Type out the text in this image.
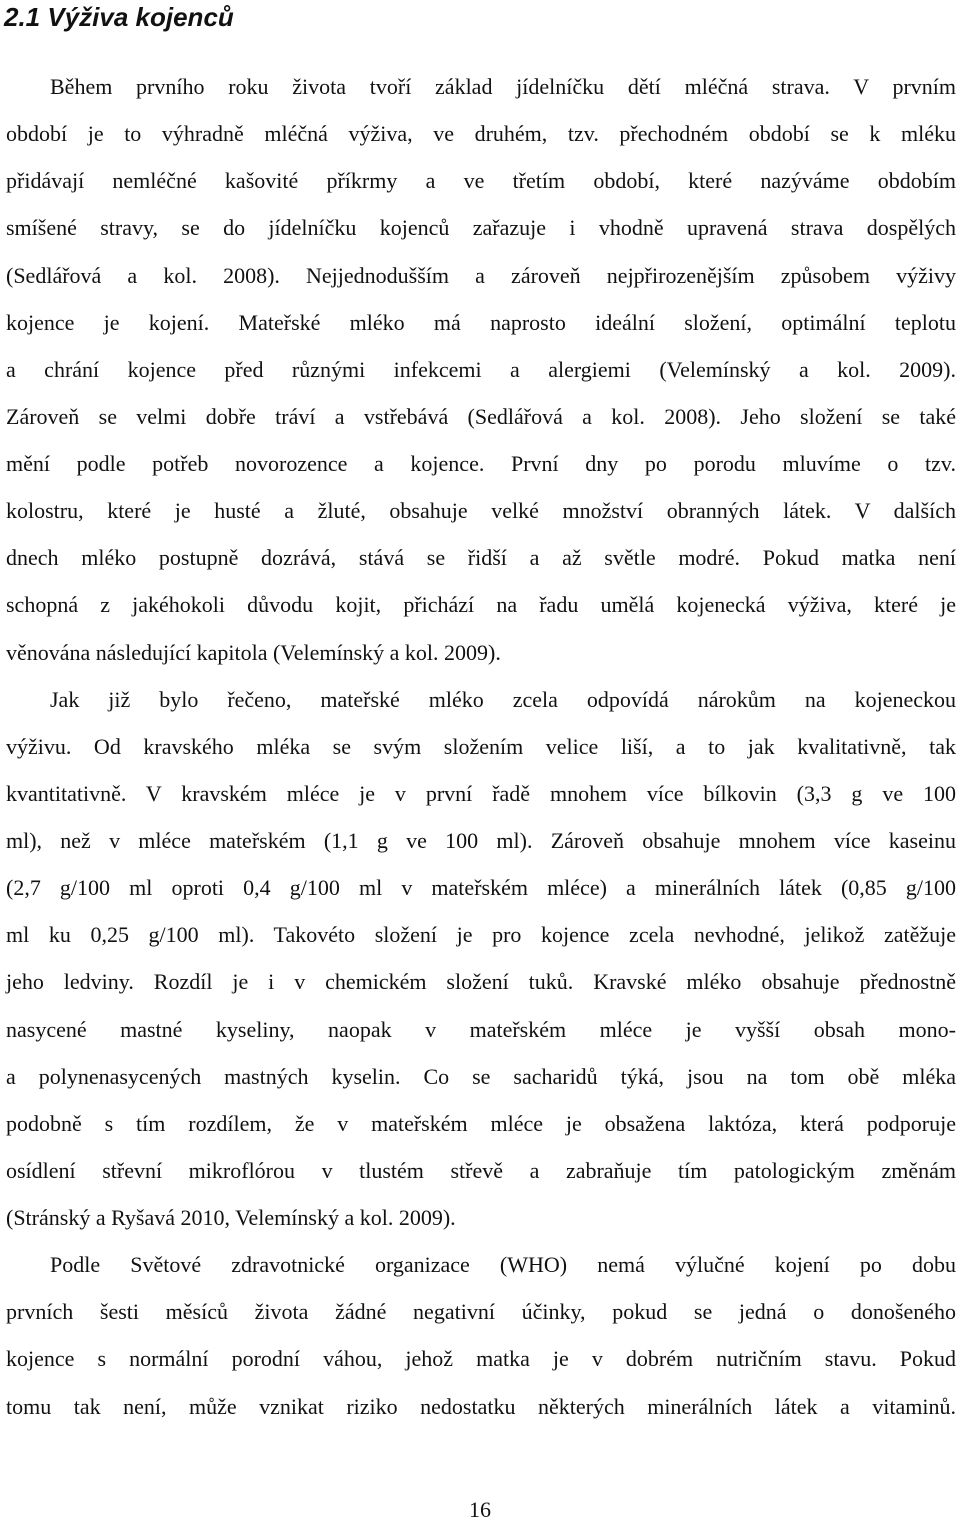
2.1 Výživa kojenců
Během prvního roku života tvoří základ jídelníčku dětí mléčná strava. V prvním
období je to výhradně mléčná výživa, ve druhém, tzv. přechodném období se k mléku
přidávají nemléčné kašovité příkrmy a ve třetím období, které nazýváme obdobím
smíšené stravy, se do jídelníčku kojenců zařazuje i vhodně upravená strava dospělých
(Sedlářová a kol. 2008). Nejjednodušším a zároveň nejpřirozenějším způsobem výživy
kojence je kojení. Mateřské mléko má naprosto ideální složení, optimální teplotu
a chrání kojence před různými infekcemi a alergiemi (Velemínský a kol. 2009).
Zároveň se velmi dobře tráví a vstřebává (Sedlářová a kol. 2008). Jeho složení se také
mění podle potřeb novorozence a kojence. První dny po porodu mluvíme o tzv.
kolostru, které je husté a žluté, obsahuje velké množství obranných látek. V dalších
dnech mléko postupně dozrává, stává se řidší a až světle modré. Pokud matka není
schopná z jakéhokoli důvodu kojit, přichází na řadu umělá kojenecká výživa, které je
věnována následující kapitola (Velemínský a kol. 2009).
Jak již bylo řečeno, mateřské mléko zcela odpovídá nárokům na kojeneckou
výživu. Od kravského mléka se svým složením velice liší, a to jak kvalitativně, tak
kvantitativně. V kravském mléce je v první řadě mnohem více bílkovin (3,3 g ve 100
ml), než v mléce mateřském (1,1 g ve 100 ml). Zároveň obsahuje mnohem více kaseinu
(2,7 g/100 ml oproti 0,4 g/100 ml v mateřském mléce) a minerálních látek (0,85 g/100
ml ku 0,25 g/100 ml). Takovéto složení je pro kojence zcela nevhodné, jelikož zatěžuje
jeho ledviny. Rozdíl je i v chemickém složení tuků. Kravské mléko obsahuje přednostně
nasycené mastné kyseliny, naopak v mateřském mléce je vyšší obsah mono-
a polynenasycených mastných kyselin. Co se sacharidů týká, jsou na tom obě mléka
podobně s tím rozdílem, že v mateřském mléce je obsažena laktóza, která podporuje
osídlení střevní mikroflórou v tlustém střevě a zabraňuje tím patologickým změnám
(Stránský a Ryšavá 2010, Velemínský a kol. 2009).
Podle Světové zdravotnické organizace (WHO) nemá výlučné kojení po dobu
prvních šesti měsíců života žádné negativní účinky, pokud se jedná o donošeného
kojence s normální porodní váhou, jehož matka je v dobrém nutričním stavu. Pokud
tomu tak není, může vznikat riziko nedostatku některých minerálních látek a vitaminů.
16
